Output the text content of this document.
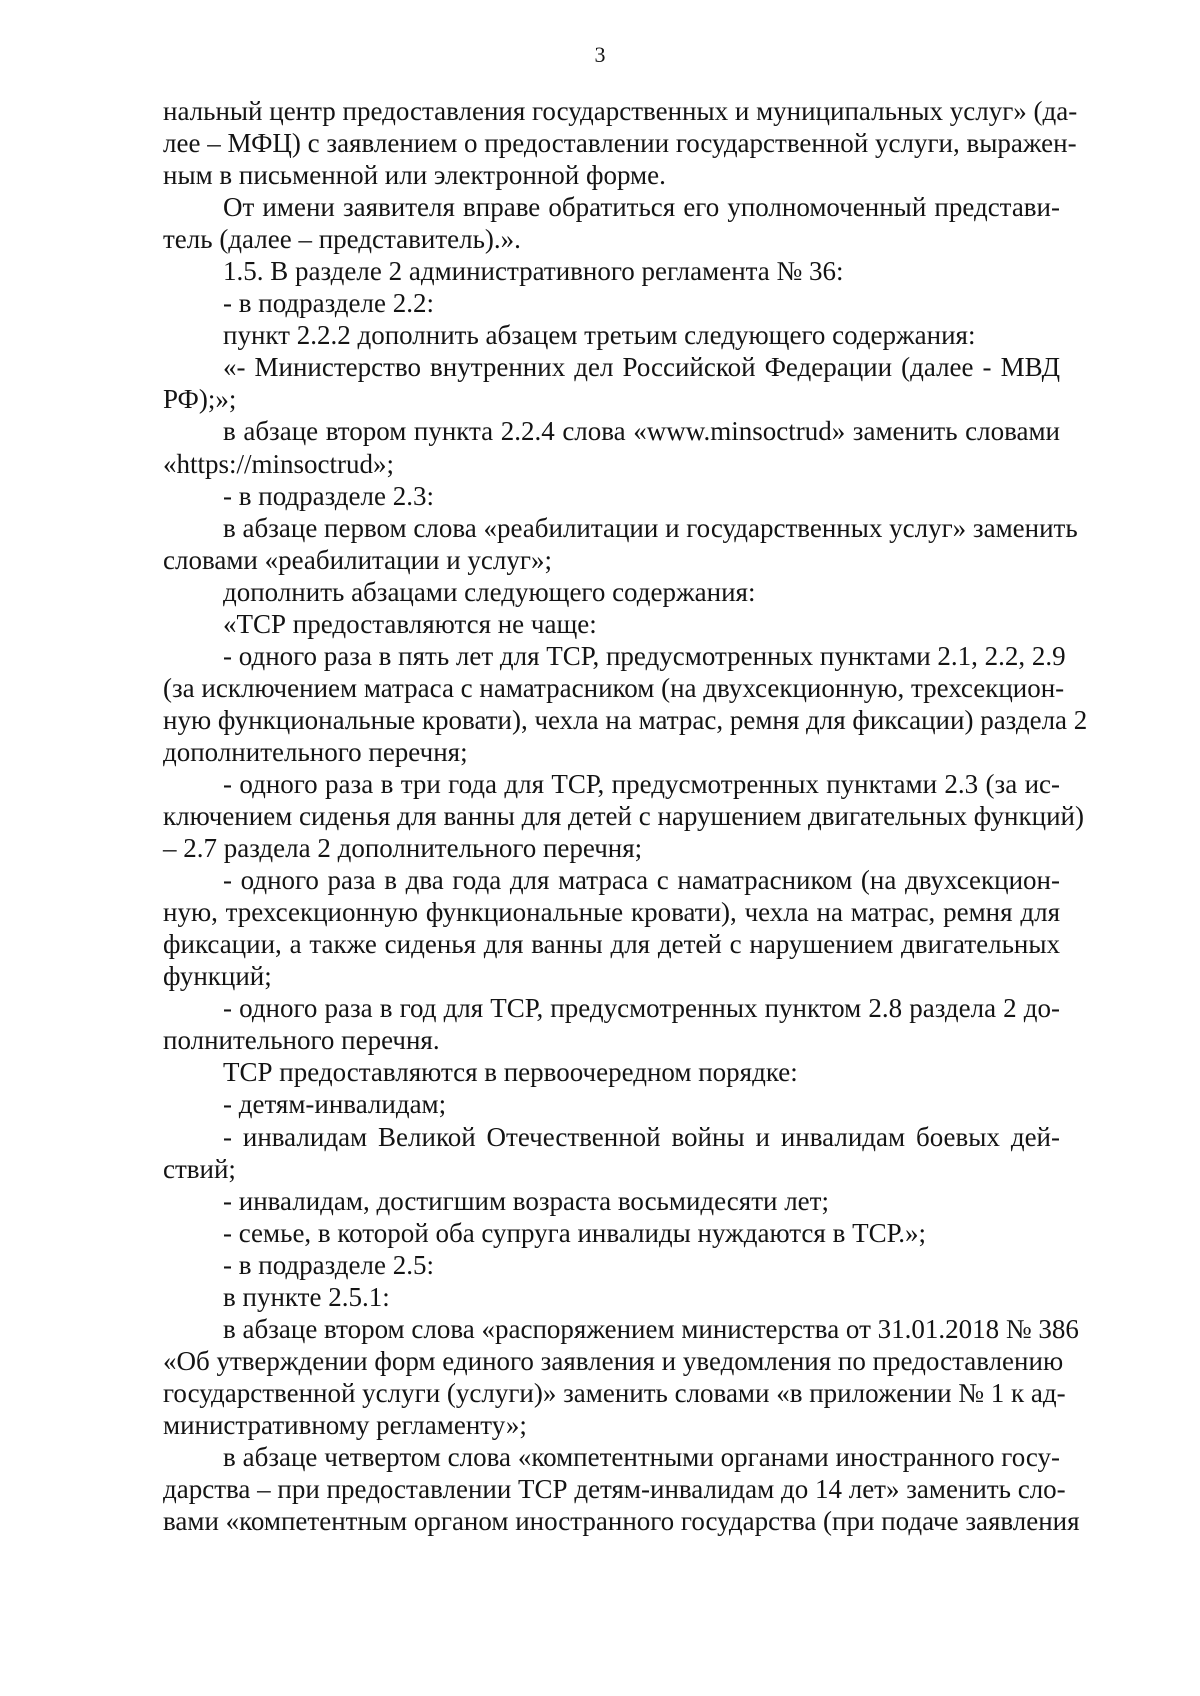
3
нальный центр предоставления государственных и муниципальных услуг» (да-
лее – МФЦ) с заявлением о предоставлении государственной услуги, выражен-
ным в письменной или электронной форме.
От имени заявителя вправе обратиться его уполномоченный представи-
тель (далее – представитель).».
1.5. В разделе 2 административного регламента № 36:
- в подразделе 2.2:
пункт 2.2.2 дополнить абзацем третьим следующего содержания:
«- Министерство внутренних дел Российской Федерации (далее - МВД
РФ);»;
в абзаце втором пункта 2.2.4 слова «www.minsoctrud» заменить словами
«https://minsoctrud»;
- в подразделе 2.3:
в абзаце первом слова «реабилитации и государственных услуг» заменить
словами «реабилитации и услуг»;
дополнить абзацами следующего содержания:
«ТСР предоставляются не чаще:
- одного раза в пять лет для ТСР, предусмотренных пунктами 2.1, 2.2, 2.9
(за исключением матраса с наматрасником (на двухсекционную, трехсекцион-
ную функциональные кровати), чехла на матрас, ремня для фиксации) раздела 2
дополнительного перечня;
- одного раза в три года для ТСР, предусмотренных пунктами 2.3 (за ис-
ключением сиденья для ванны для детей с нарушением двигательных функций)
– 2.7 раздела 2 дополнительного перечня;
- одного раза в два года для матраса с наматрасником (на двухсекцион-
ную, трехсекционную функциональные кровати), чехла на матрас, ремня для
фиксации, а также сиденья для ванны для детей с нарушением двигательных
функций;
- одного раза в год для ТСР, предусмотренных пунктом 2.8 раздела 2 до-
полнительного перечня.
ТСР предоставляются в первоочередном порядке:
- детям-инвалидам;
- инвалидам Великой Отечественной войны и инвалидам боевых дей-
ствий;
- инвалидам, достигшим возраста восьмидесяти лет;
- семье, в которой оба супруга инвалиды нуждаются в ТСР.»;
- в подразделе 2.5:
в пункте 2.5.1:
в абзаце втором слова «распоряжением министерства от 31.01.2018 № 386
«Об утверждении форм единого заявления и уведомления по предоставлению
государственной услуги (услуги)» заменить словами «в приложении № 1 к ад-
министративному регламенту»;
в абзаце четвертом слова «компетентными органами иностранного госу-
дарства – при предоставлении ТСР детям-инвалидам до 14 лет» заменить сло-
вами «компетентным органом иностранного государства (при подаче заявления
